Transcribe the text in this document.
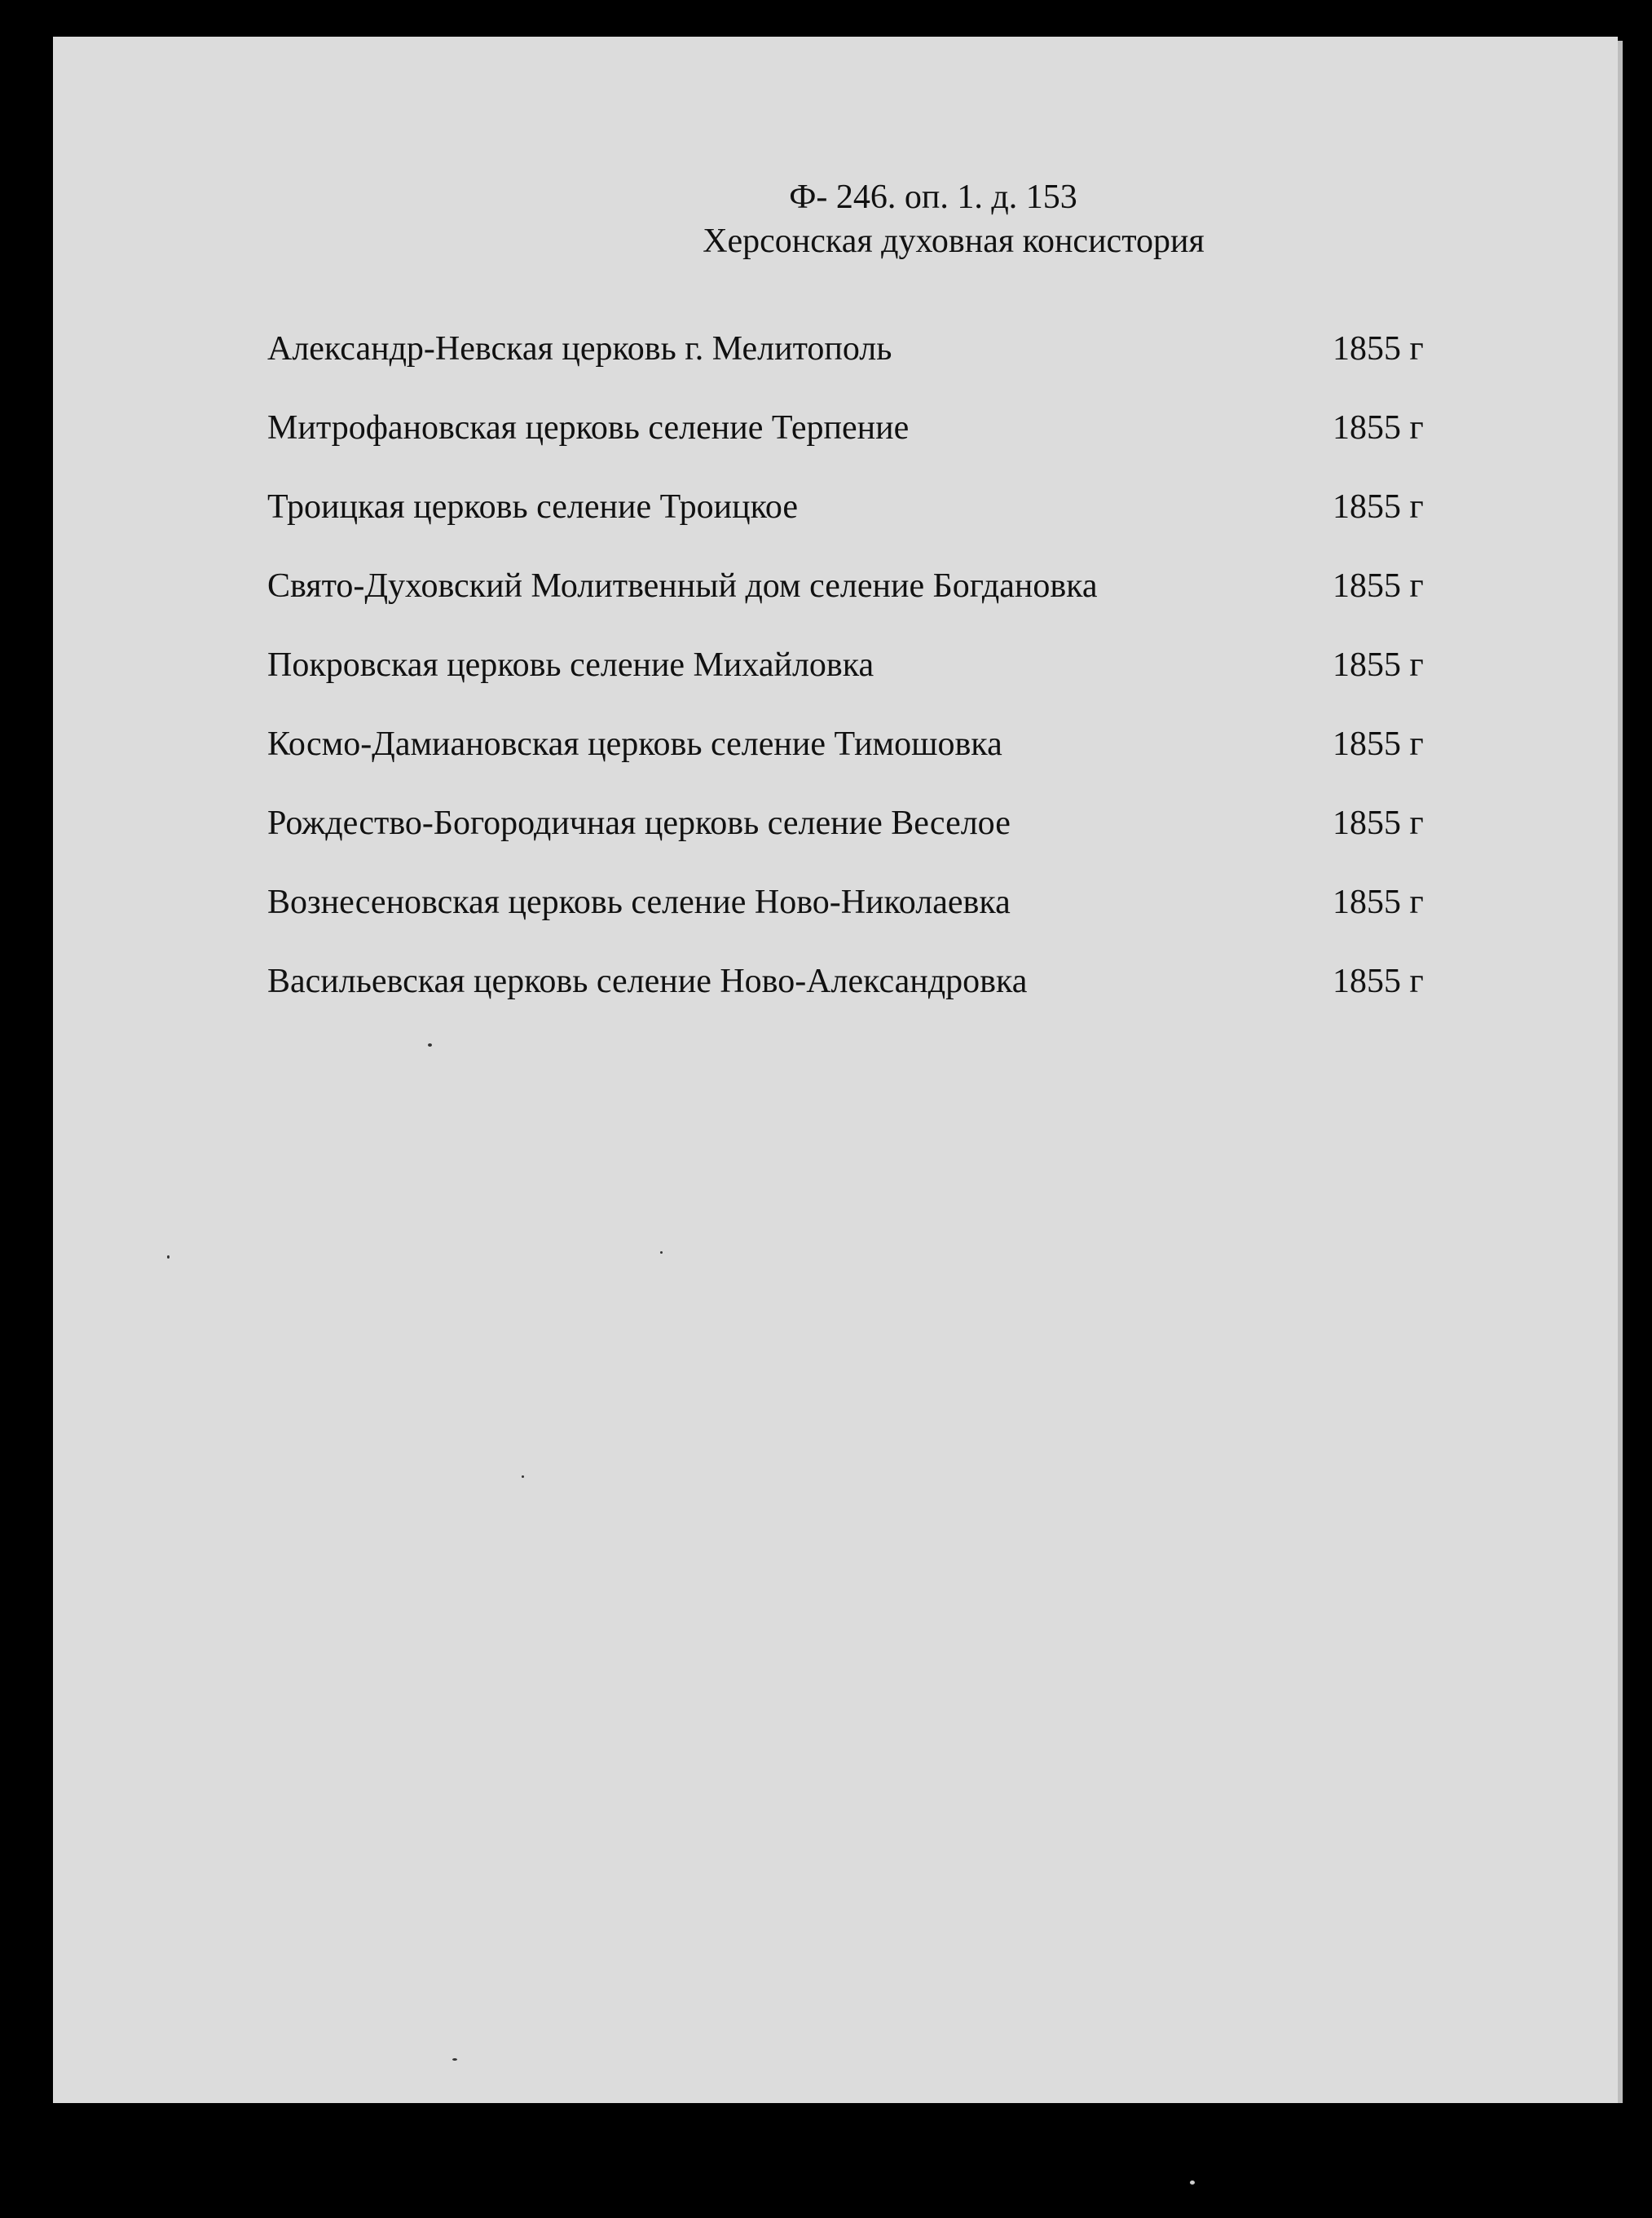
Ф- 246. оп. 1. д. 153
Херсонская духовная консистория
Александр-Невская церковь г. Мелитополь	1855 г
Митрофановская церковь селение Терпение	1855 г
Троицкая церковь селение Троицкое	1855 г
Свято-Духовский Молитвенный дом селение Богдановка	1855 г
Покровская церковь селение Михайловка	1855 г
Космо-Дамиановская церковь селение Тимошовка	1855 г
Рождество-Богородичная церковь селение Веселое	1855 г
Вознесеновская церковь селение Ново-Николаевка	1855 г
Васильевская церковь селение Ново-Александровка	1855 г
